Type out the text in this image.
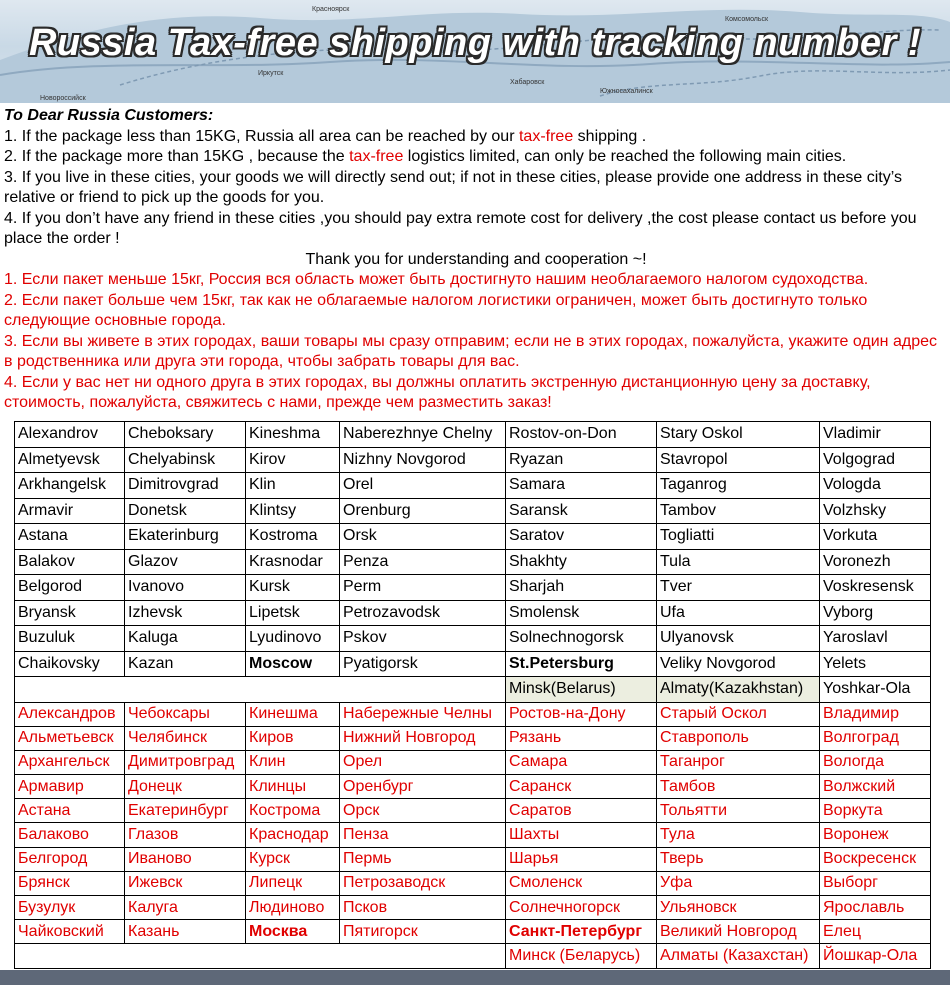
Красноярск
Иркутск
Хабаровск
Новороссийск
Южносахалинск
Комсомольск
Russia Tax-free shipping with tracking number !

To Dear Russia Customers:

1. If the package less than 15KG, Russia all area can be reached by our tax-free shipping .

2. If the package more than 15KG , because the tax-free logistics limited, can only be reached the following main cities.

3. If you live in these cities, your goods we will directly send out; if not in these cities, please provide one address in these city’s relative or friend to pick up the goods for you.

4. If you don’t have any friend in these cities ,you should pay extra remote cost for delivery ,the cost please contact us before you place the order !

Thank you for understanding and cooperation ~!

1. Если пакет меньше 15кг, Россия вся область может быть достигнуто нашим необлагаемого налогом судоходства.

2. Если пакет больше чем 15кг, так как не облагаемые налогом логистики ограничен, может быть достигнуто только следующие основные города.

3. Если вы живете в этих городах, ваши товары мы сразу отправим; если не в этих городах, пожалуйста, укажите один адрес в родственника или друга эти города, чтобы забрать товары для вас.

4. Если у вас нет ни одного друга в этих городах, вы должны оплатить экстренную дистанционную цену за доставку, стоимость, пожалуйста, свяжитесь с нами, прежде чем разместить заказ!

Alexandrov	Cheboksary	Kineshma	Naberezhnye Chelny	Rostov-on-Don	Stary Oskol	Vladimir
Almetyevsk	Chelyabinsk	Kirov	Nizhny Novgorod	Ryazan	Stavropol	Volgograd
Arkhangelsk	Dimitrovgrad	Klin	Orel	Samara	Taganrog	Vologda
Armavir	Donetsk	Klintsy	Orenburg	Saransk	Tambov	Volzhsky
Astana	Ekaterinburg	Kostroma	Orsk	Saratov	Togliatti	Vorkuta
Balakov	Glazov	Krasnodar	Penza	Shakhty	Tula	Voronezh
Belgorod	Ivanovo	Kursk	Perm	Sharjah	Tver	Voskresensk
Bryansk	Izhevsk	Lipetsk	Petrozavodsk	Smolensk	Ufa	Vyborg
Buzuluk	Kaluga	Lyudinovo	Pskov	Solnechnogorsk	Ulyanovsk	Yaroslavl
Chaikovsky	Kazan	Moscow	Pyatigorsk	St.Petersburg	Veliky Novgorod	Yelets
				Minsk(Belarus)	Almaty(Kazakhstan)	Yoshkar-Ola
Александров	Чебоксары	Кинешма	Набережные Челны	Ростов-на-Дону	Старый Оскол	Владимир
Альметьевск	Челябинск	Киров	Нижний Новгород	Рязань	Ставрополь	Волгоград
Архангельск	Димитровград	Клин	Орел	Самара	Таганрог	Вологда
Армавир	Донецк	Клинцы	Оренбург	Саранск	Тамбов	Волжский
Астана	Екатеринбург	Кострома	Орск	Саратов	Тольятти	Воркута
Балаково	Глазов	Краснодар	Пенза	Шахты	Тула	Воронеж
Белгород	Иваново	Курск	Пермь	Шарья	Тверь	Воскресенск
Брянск	Ижевск	Липецк	Петрозаводск	Смоленск	Уфа	Выборг
Бузулук	Калуга	Людиново	Псков	Солнечногорск	Ульяновск	Ярославль
Чайковский	Казань	Москва	Пятигорск	Санкт-Петербург	Великий Новгород	Елец
				Минск (Беларусь)	Алматы (Казахстан)	Йошкар-Ола
